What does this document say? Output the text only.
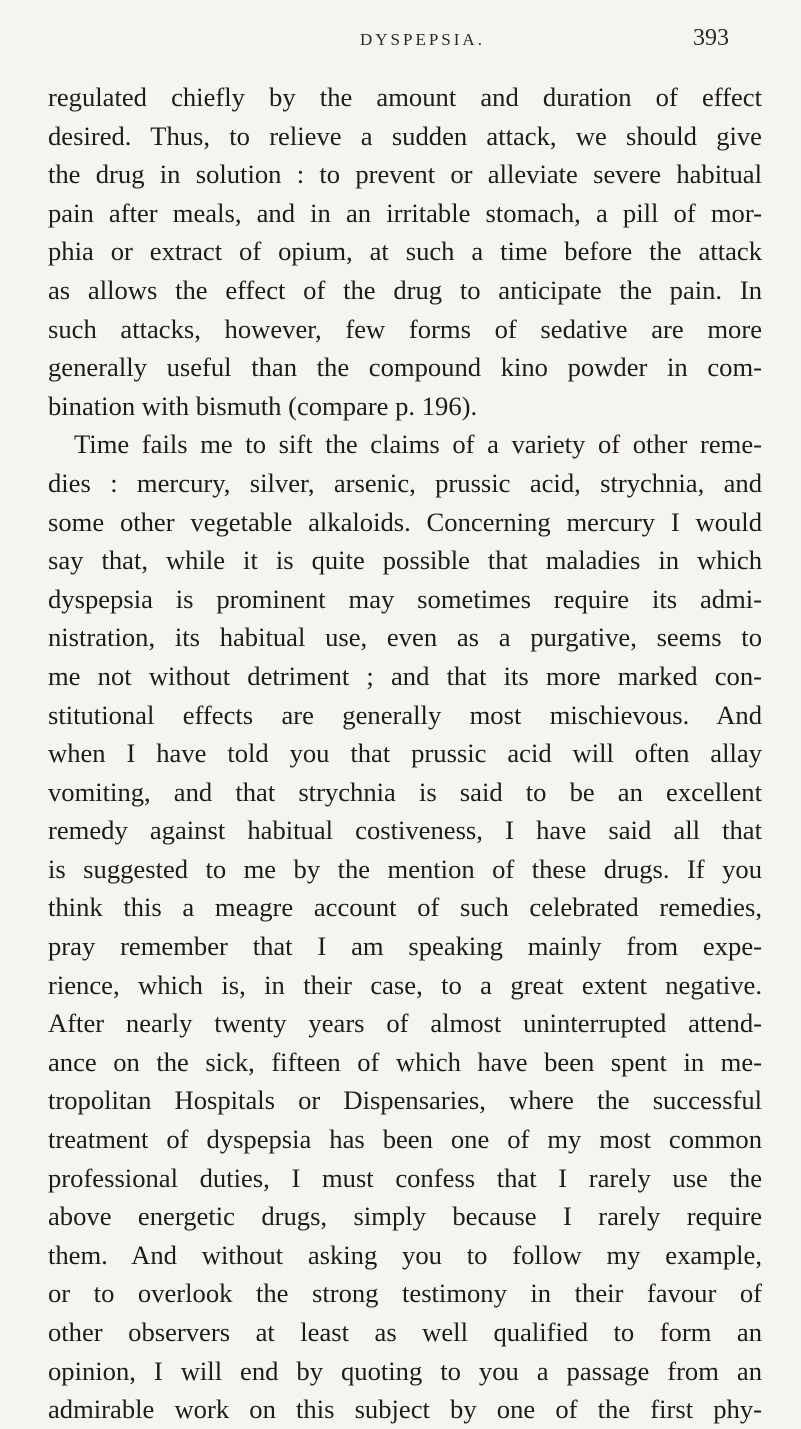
DYSPEPSIA.	393
regulated chiefly by the amount and duration of effect
desired. Thus, to relieve a sudden attack, we should give
the drug in solution : to prevent or alleviate severe habitual
pain after meals, and in an irritable stomach, a pill of mor-
phia or extract of opium, at such a time before the attack
as allows the effect of the drug to anticipate the pain. In
such attacks, however, few forms of sedative are more
generally useful than the compound kino powder in com-
bination with bismuth (compare p. 196).
Time fails me to sift the claims of a variety of other reme-
dies : mercury, silver, arsenic, prussic acid, strychnia, and
some other vegetable alkaloids. Concerning mercury I would
say that, while it is quite possible that maladies in which
dyspepsia is prominent may sometimes require its admi-
nistration, its habitual use, even as a purgative, seems to
me not without detriment ; and that its more marked con-
stitutional effects are generally most mischievous. And
when I have told you that prussic acid will often allay
vomiting, and that strychnia is said to be an excellent
remedy against habitual costiveness, I have said all that
is suggested to me by the mention of these drugs. If you
think this a meagre account of such celebrated remedies,
pray remember that I am speaking mainly from expe-
rience, which is, in their case, to a great extent negative.
After nearly twenty years of almost uninterrupted attend-
ance on the sick, fifteen of which have been spent in me-
tropolitan Hospitals or Dispensaries, where the successful
treatment of dyspepsia has been one of my most common
professional duties, I must confess that I rarely use the
above energetic drugs, simply because I rarely require
them. And without asking you to follow my example,
or to overlook the strong testimony in their favour of
other observers at least as well qualified to form an
opinion, I will end by quoting to you a passage from an
admirable work on this subject by one of the first phy-
